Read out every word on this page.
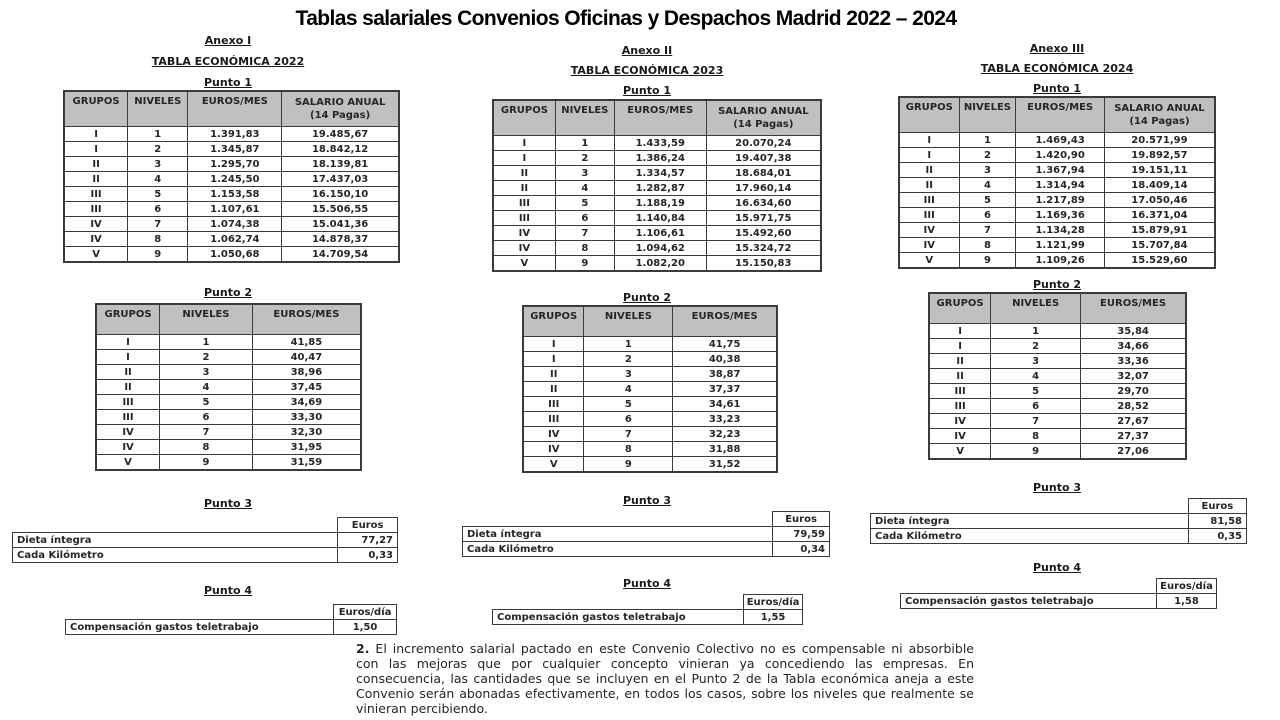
Tablas salariales Convenios Oficinas y Despachos Madrid 2022 – 2024
Anexo I
TABLA ECONÓMICA 2022
Punto 1
GRUPOS	NIVELES	EUROS/MES	SALARIO ANUAL
(14 Pagas)

I	1	1.391,83	19.485,67
I	2	1.345,87	18.842,12
II	3	1.295,70	18.139,81
II	4	1.245,50	17.437,03
III	5	1.153,58	16.150,10
III	6	1.107,61	15.506,55
IV	7	1.074,38	15.041,36
IV	8	1.062,74	14.878,37
V	9	1.050,68	14.709,54
Punto 2
GRUPOS	NIVELES	EUROS/MES
I	1	41,85
I	2	40,47
II	3	38,96
II	4	37,45
III	5	34,69
III	6	33,30
IV	7	32,30
IV	8	31,95
V	9	31,59
Punto 3
	Euros
Dieta íntegra	77,27
Cada Kilómetro	0,33
Punto 4
	Euros/día
Compensación gastos teletrabajo	1,50
Anexo II
TABLA ECONÓMICA 2023
Punto 1
GRUPOS	NIVELES	EUROS/MES	SALARIO ANUAL
(14 Pagas)

I	1	1.433,59	20.070,24
I	2	1.386,24	19.407,38
II	3	1.334,57	18.684,01
II	4	1.282,87	17.960,14
III	5	1.188,19	16.634,60
III	6	1.140,84	15.971,75
IV	7	1.106,61	15.492,60
IV	8	1.094,62	15.324,72
V	9	1.082,20	15.150,83
Punto 2
GRUPOS	NIVELES	EUROS/MES
I	1	41,75
I	2	40,38
II	3	38,87
II	4	37,37
III	5	34,61
III	6	33,23
IV	7	32,23
IV	8	31,88
V	9	31,52
Punto 3
	Euros
Dieta íntegra	79,59
Cada Kilómetro	0,34
Punto 4
	Euros/día
Compensación gastos teletrabajo	1,55
Anexo III
TABLA ECONÓMICA 2024
Punto 1
GRUPOS	NIVELES	EUROS/MES	SALARIO ANUAL
(14 Pagas)

I	1	1.469,43	20.571,99
I	2	1.420,90	19.892,57
II	3	1.367,94	19.151,11
II	4	1.314,94	18.409,14
III	5	1.217,89	17.050,46
III	6	1.169,36	16.371,04
IV	7	1.134,28	15.879,91
IV	8	1.121,99	15.707,84
V	9	1.109,26	15.529,60
Punto 2
GRUPOS	NIVELES	EUROS/MES
I	1	35,84
I	2	34,66
II	3	33,36
II	4	32,07
III	5	29,70
III	6	28,52
IV	7	27,67
IV	8	27,37
V	9	27,06
Punto 3
	Euros
Dieta íntegra	81,58
Cada Kilómetro	0,35
Punto 4
	Euros/día
Compensación gastos teletrabajo	1,58
2. El incremento salarial pactado en este Convenio Colectivo no es compensable ni absorbible con las mejoras que por cualquier concepto vinieran ya concediendo las empresas. En consecuencia, las cantidades que se incluyen en el Punto 2 de la Tabla económica aneja a este Convenio serán abonadas efectivamente, en todos los casos, sobre los niveles que realmente se vinieran percibiendo.
